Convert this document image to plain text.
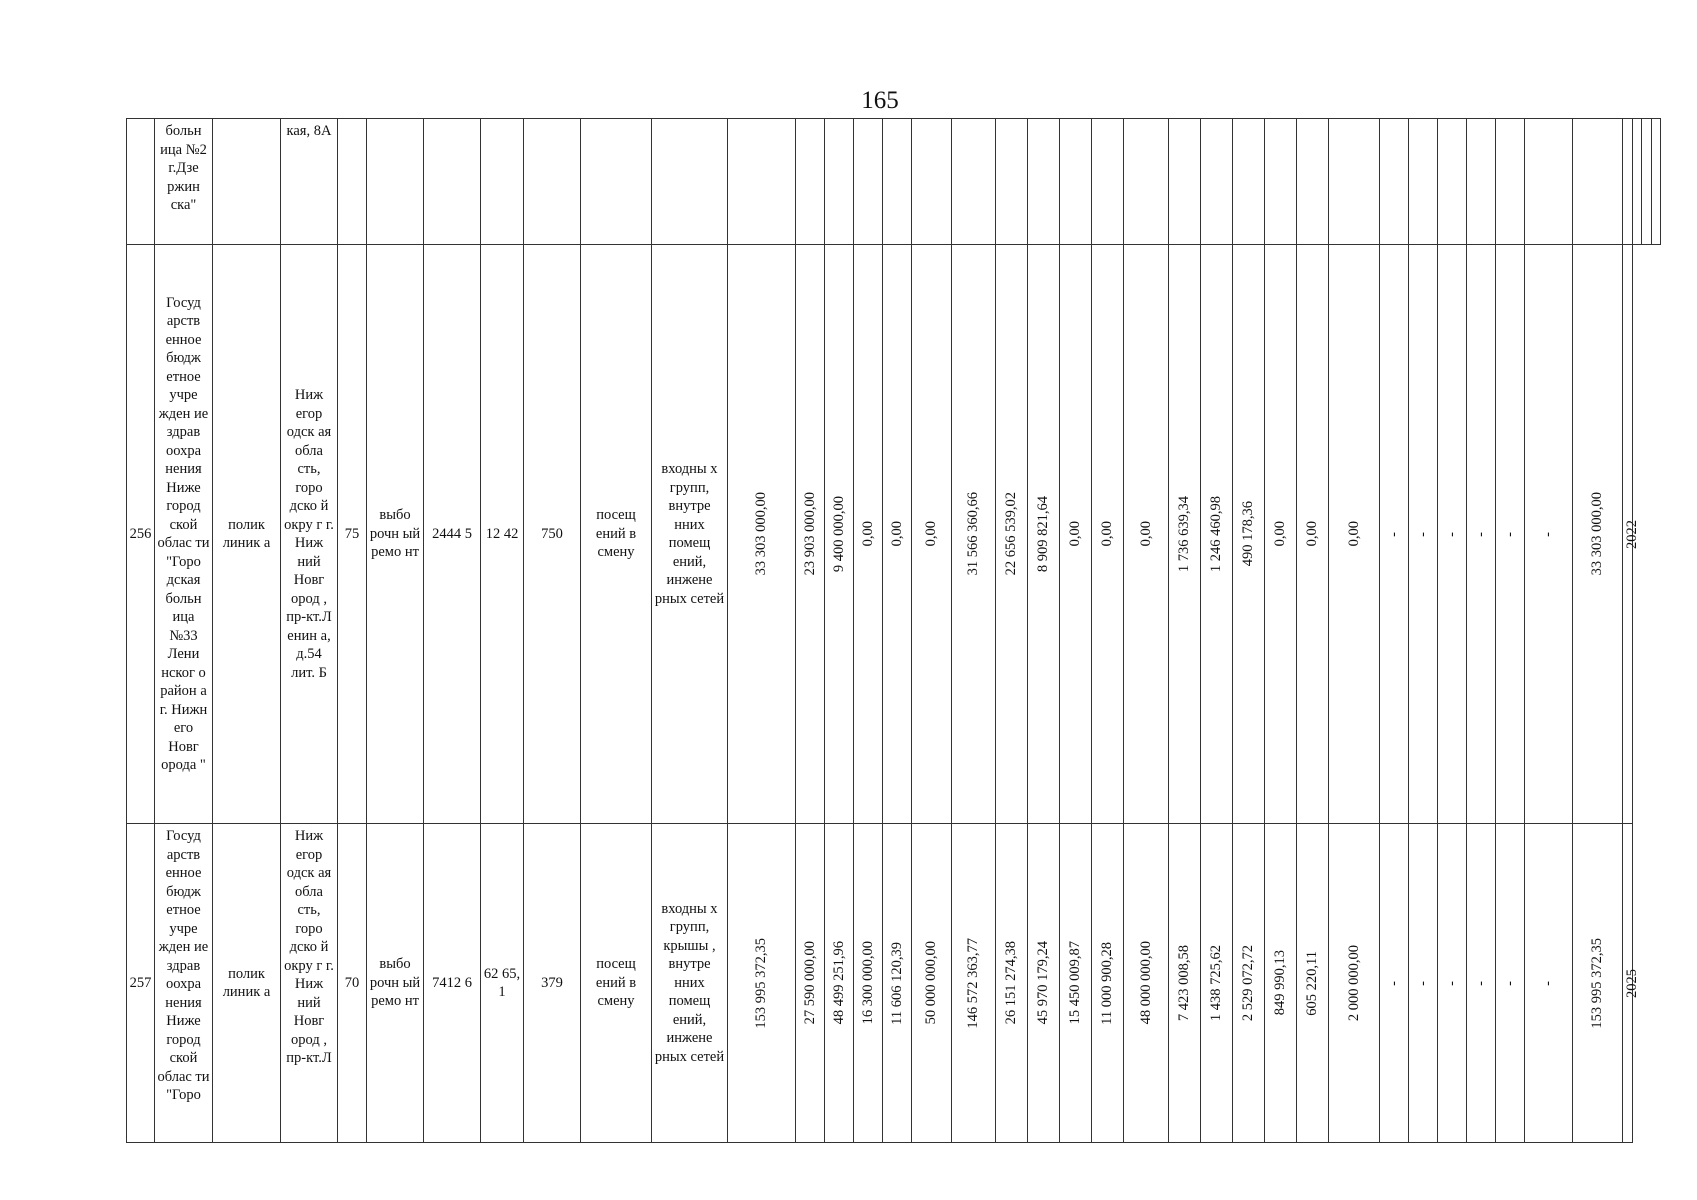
165
	больн ица №2 г.Дзе ржин ска"		кая, 8А								

256	Госуд арств енное бюдж етное учре жден ие здрав оохра нения Ниже город ской облас ти "Горо дская больн ица №33 Лени нског о район а г. Нижн его Новг орода "	полик линик а	Ниж егор одск ая обла сть, горо дско й окру г г. Ниж ний Новг ород , пр-кт.Л енин а, д.54 лит. Б	75	выбо рочн ый ремо нт	2444 5	12 42	750	посещ ений в смену	входны х групп, внутре нних помещ ений, инжене рных сетей	33 303 000,00	23 903 000,00	9 400 000,00	0,00	0,00	0,00	31 566 360,66	22 656 539,02	8 909 821,64	0,00	0,00	0,00	1 736 639,34	1 246 460,98	490 178,36	0,00	0,00	0,00	-	-	-	-	-	-	33 303 000,00	2022			

257	Госуд арств енное бюдж етное учре жден ие здрав оохра нения Ниже город ской облас ти "Горо	полик линик а	Ниж егор одск ая обла сть, горо дско й окру г г. Ниж ний Новг ород , пр-кт.Л	70	выбо рочн ый ремо нт	7412 6	62 65, 1	379	посещ ений в смену	входны х групп, крышы , внутре нних помещ ений, инжене рных сетей	153 995 372,35	27 590 000,00	48 499 251,96	16 300 000,00	11 606 120,39	50 000 000,00	146 572 363,77	26 151 274,38	45 970 179,24	15 450 009,87	11 000 900,28	48 000 000,00	7 423 008,58	1 438 725,62	2 529 072,72	849 990,13	605 220,11	2 000 000,00	-	-	-	-	-	-	153 995 372,35	2025			
